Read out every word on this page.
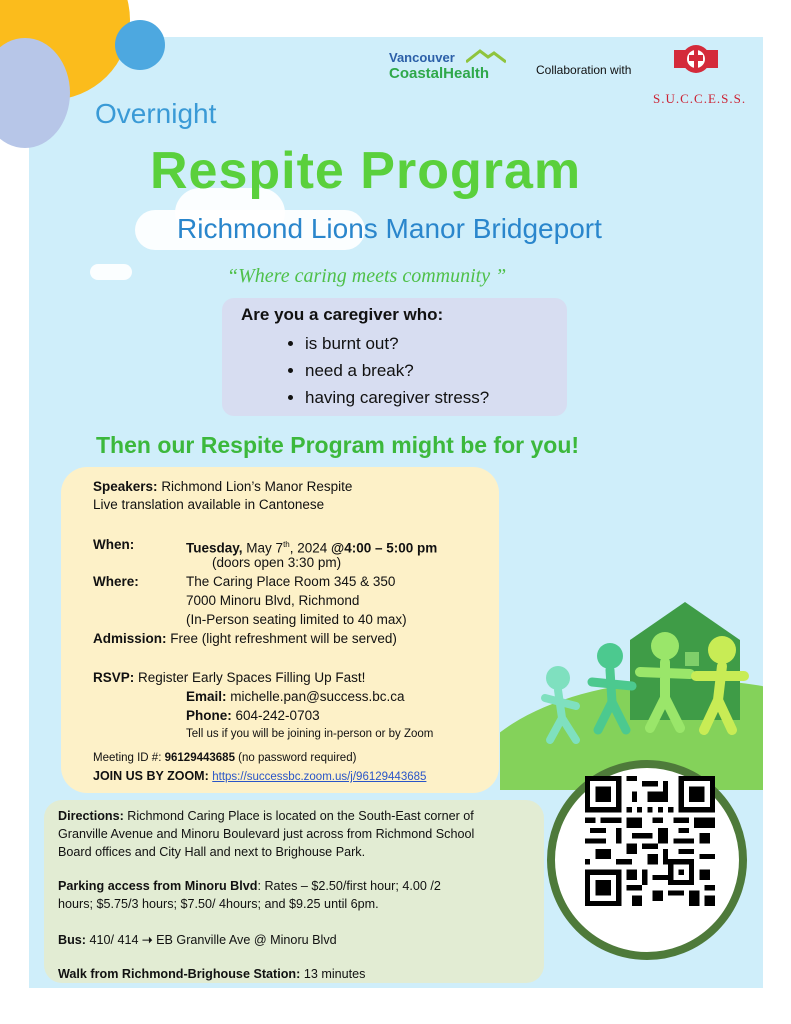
Vancouver
CoastalHealth	Collaboration with
S.U.C.C.E.S.S.
Overnight
Respite Program
Richmond Lions Manor Bridgeport
“Where caring meets community ”
Are you a caregiver who:
• is burnt out?
• need a break?
• having caregiver stress?
Then our Respite Program might be for you!
Speakers: Richmond Lion’s Manor Respite
Live translation available in Cantonese
When:	Tuesday, May 7th, 2024 @4:00 – 5:00 pm
(doors open 3:30 pm)
Where:	The Caring Place Room 345 & 350
7000 Minoru Blvd, Richmond
(In-Person seating limited to 40 max)
Admission: Free (light refreshment will be served)
RSVP: Register Early Spaces Filling Up Fast!
Email: michelle.pan@success.bc.ca
Phone: 604-242-0703
Tell us if you will be joining in-person or by Zoom
Meeting ID #: 96129443685 (no password required)
JOIN US BY ZOOM: https://successbc.zoom.us/j/96129443685
Directions: Richmond Caring Place is located on the South-East corner of
Granville Avenue and Minoru Boulevard just across from Richmond School
Board offices and City Hall and next to Brighouse Park.
Parking access from Minoru Blvd: Rates – $2.50/first hour; 4.00 /2
hours; $5.75/3 hours; $7.50/ 4hours; and $9.25 until 6pm.
Bus: 410/ 414 ➝ EB Granville Ave @ Minoru Blvd
Walk from Richmond-Brighouse Station: 13 minutes
